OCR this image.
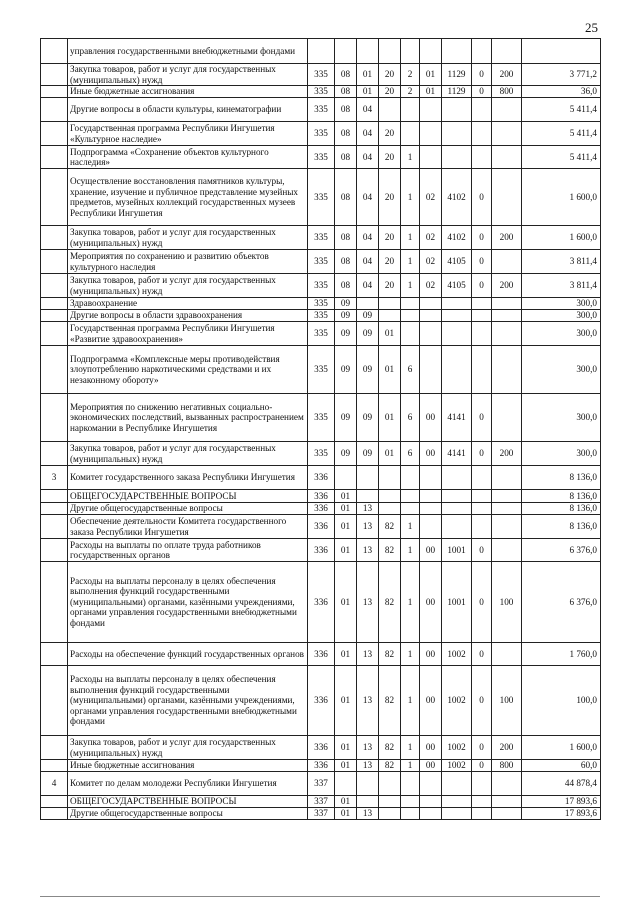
25
	управления государственными внебюджетными фондами										
	Закупка товаров, работ и услуг для государственных (муниципальных) нужд	335	08	01	20	2	01	1129	0	200	3 771,2
	Иные бюджетные ассигнования	335	08	01	20	2	01	1129	0	800	36,0
	Другие вопросы в области культуры, кинематографии	335	08	04							5 411,4
	Государственная программа Республики Ингушетия «Культурное наследие»	335	08	04	20						5 411,4
	Подпрограмма «Сохранение объектов культурного наследия»	335	08	04	20	1					5 411,4
	Осуществление восстановления памятников культуры, хранение, изучение и публичное представление музейных предметов, музейных коллекций государственных музеев Республики Ингушетия	335	08	04	20	1	02	4102	0		1 600,0
	Закупка товаров, работ и услуг для государственных (муниципальных) нужд	335	08	04	20	1	02	4102	0	200	1 600,0
	Мероприятия по сохранению и развитию объектов культурного наследия	335	08	04	20	1	02	4105	0		3 811,4
	Закупка товаров, работ и услуг для государственных (муниципальных) нужд	335	08	04	20	1	02	4105	0	200	3 811,4
	Здравоохранение	335	09								300,0
	Другие вопросы в области здравоохранения	335	09	09							300,0
	Государственная программа Республики Ингушетия «Развитие здравоохранения»	335	09	09	01						300,0
	Подпрограмма «Комплексные меры противодействия злоупотреблению наркотическими средствами и их незаконному обороту»	335	09	09	01	6					300,0
	Мероприятия по снижению негативных социально-экономических последствий, вызванных распространением наркомании в Республике Ингушетия	335	09	09	01	6	00	4141	0		300,0
	Закупка товаров, работ и услуг для государственных (муниципальных) нужд	335	09	09	01	6	00	4141	0	200	300,0
3	Комитет государственного заказа Республики Ингушетия	336									8 136,0
	ОБЩЕГОСУДАРСТВЕННЫЕ ВОПРОСЫ	336	01								8 136,0
	Другие общегосударственные вопросы	336	01	13							8 136,0
	Обеспечение деятельности Комитета государственного заказа Республики Ингушетия	336	01	13	82	1					8 136,0
	Расходы на выплаты по оплате труда работников государственных органов	336	01	13	82	1	00	1001	0		6 376,0
	Расходы на выплаты персоналу в целях обеспечения выполнения функций государственными (муниципальными) органами, казёнными учреждениями, органами управления государственными внебюджетными фондами	336	01	13	82	1	00	1001	0	100	6 376,0
	Расходы на обеспечение функций государственных органов	336	01	13	82	1	00	1002	0		1 760,0
	Расходы на выплаты персоналу в целях обеспечения выполнения функций государственными (муниципальными) органами, казёнными учреждениями, органами управления государственными внебюджетными фондами	336	01	13	82	1	00	1002	0	100	100,0
	Закупка товаров, работ и услуг для государственных (муниципальных) нужд	336	01	13	82	1	00	1002	0	200	1 600,0
	Иные бюджетные ассигнования	336	01	13	82	1	00	1002	0	800	60,0
4	Комитет по делам молодежи Республики Ингушетия	337									44 878,4
	ОБЩЕГОСУДАРСТВЕННЫЕ ВОПРОСЫ	337	01								17 893,6
	Другие общегосударственные вопросы	337	01	13							17 893,6
